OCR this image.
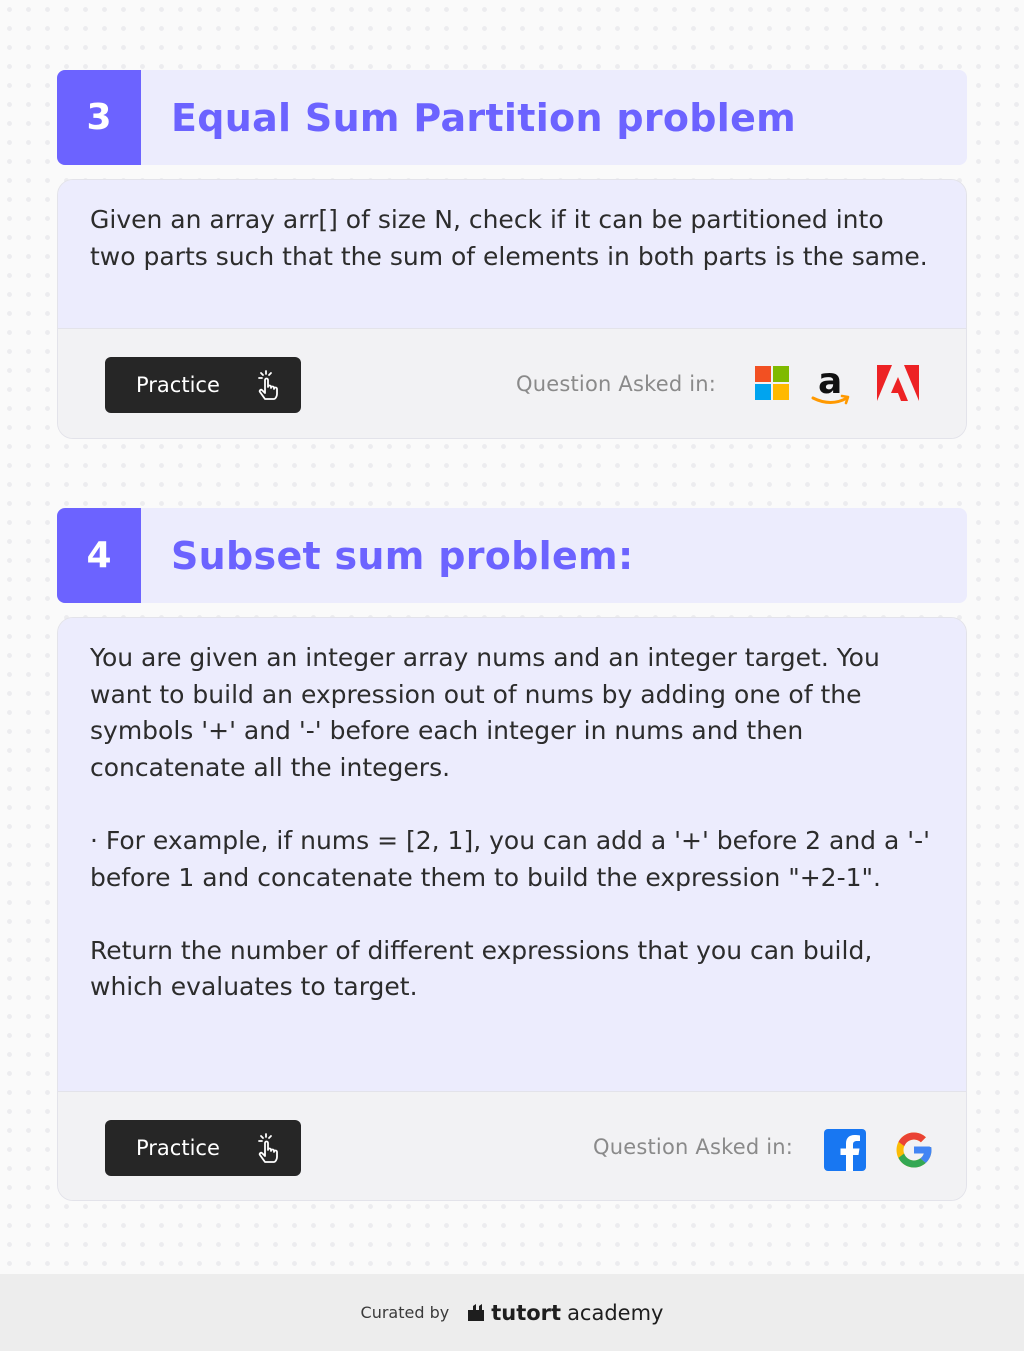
3	Equal Sum Partition problem

Given an array arr[] of size N, check if it can be partitioned into two parts such that the sum of elements in both parts is the same.

Practice	Question Asked in:	a
4	Subset sum problem:

You are given an integer array nums and an integer target. You want to build an expression out of nums by adding one of the symbols '+' and '-' before each integer in nums and then concatenate all the integers.

· For example, if nums = [2, 1], you can add a '+' before 2 and a '-' before 1 and concatenate them to build the expression "+2-1".

Return the number of different expressions that you can build, which evaluates to target.

Practice	Question Asked in:
Curated by tutort academy
